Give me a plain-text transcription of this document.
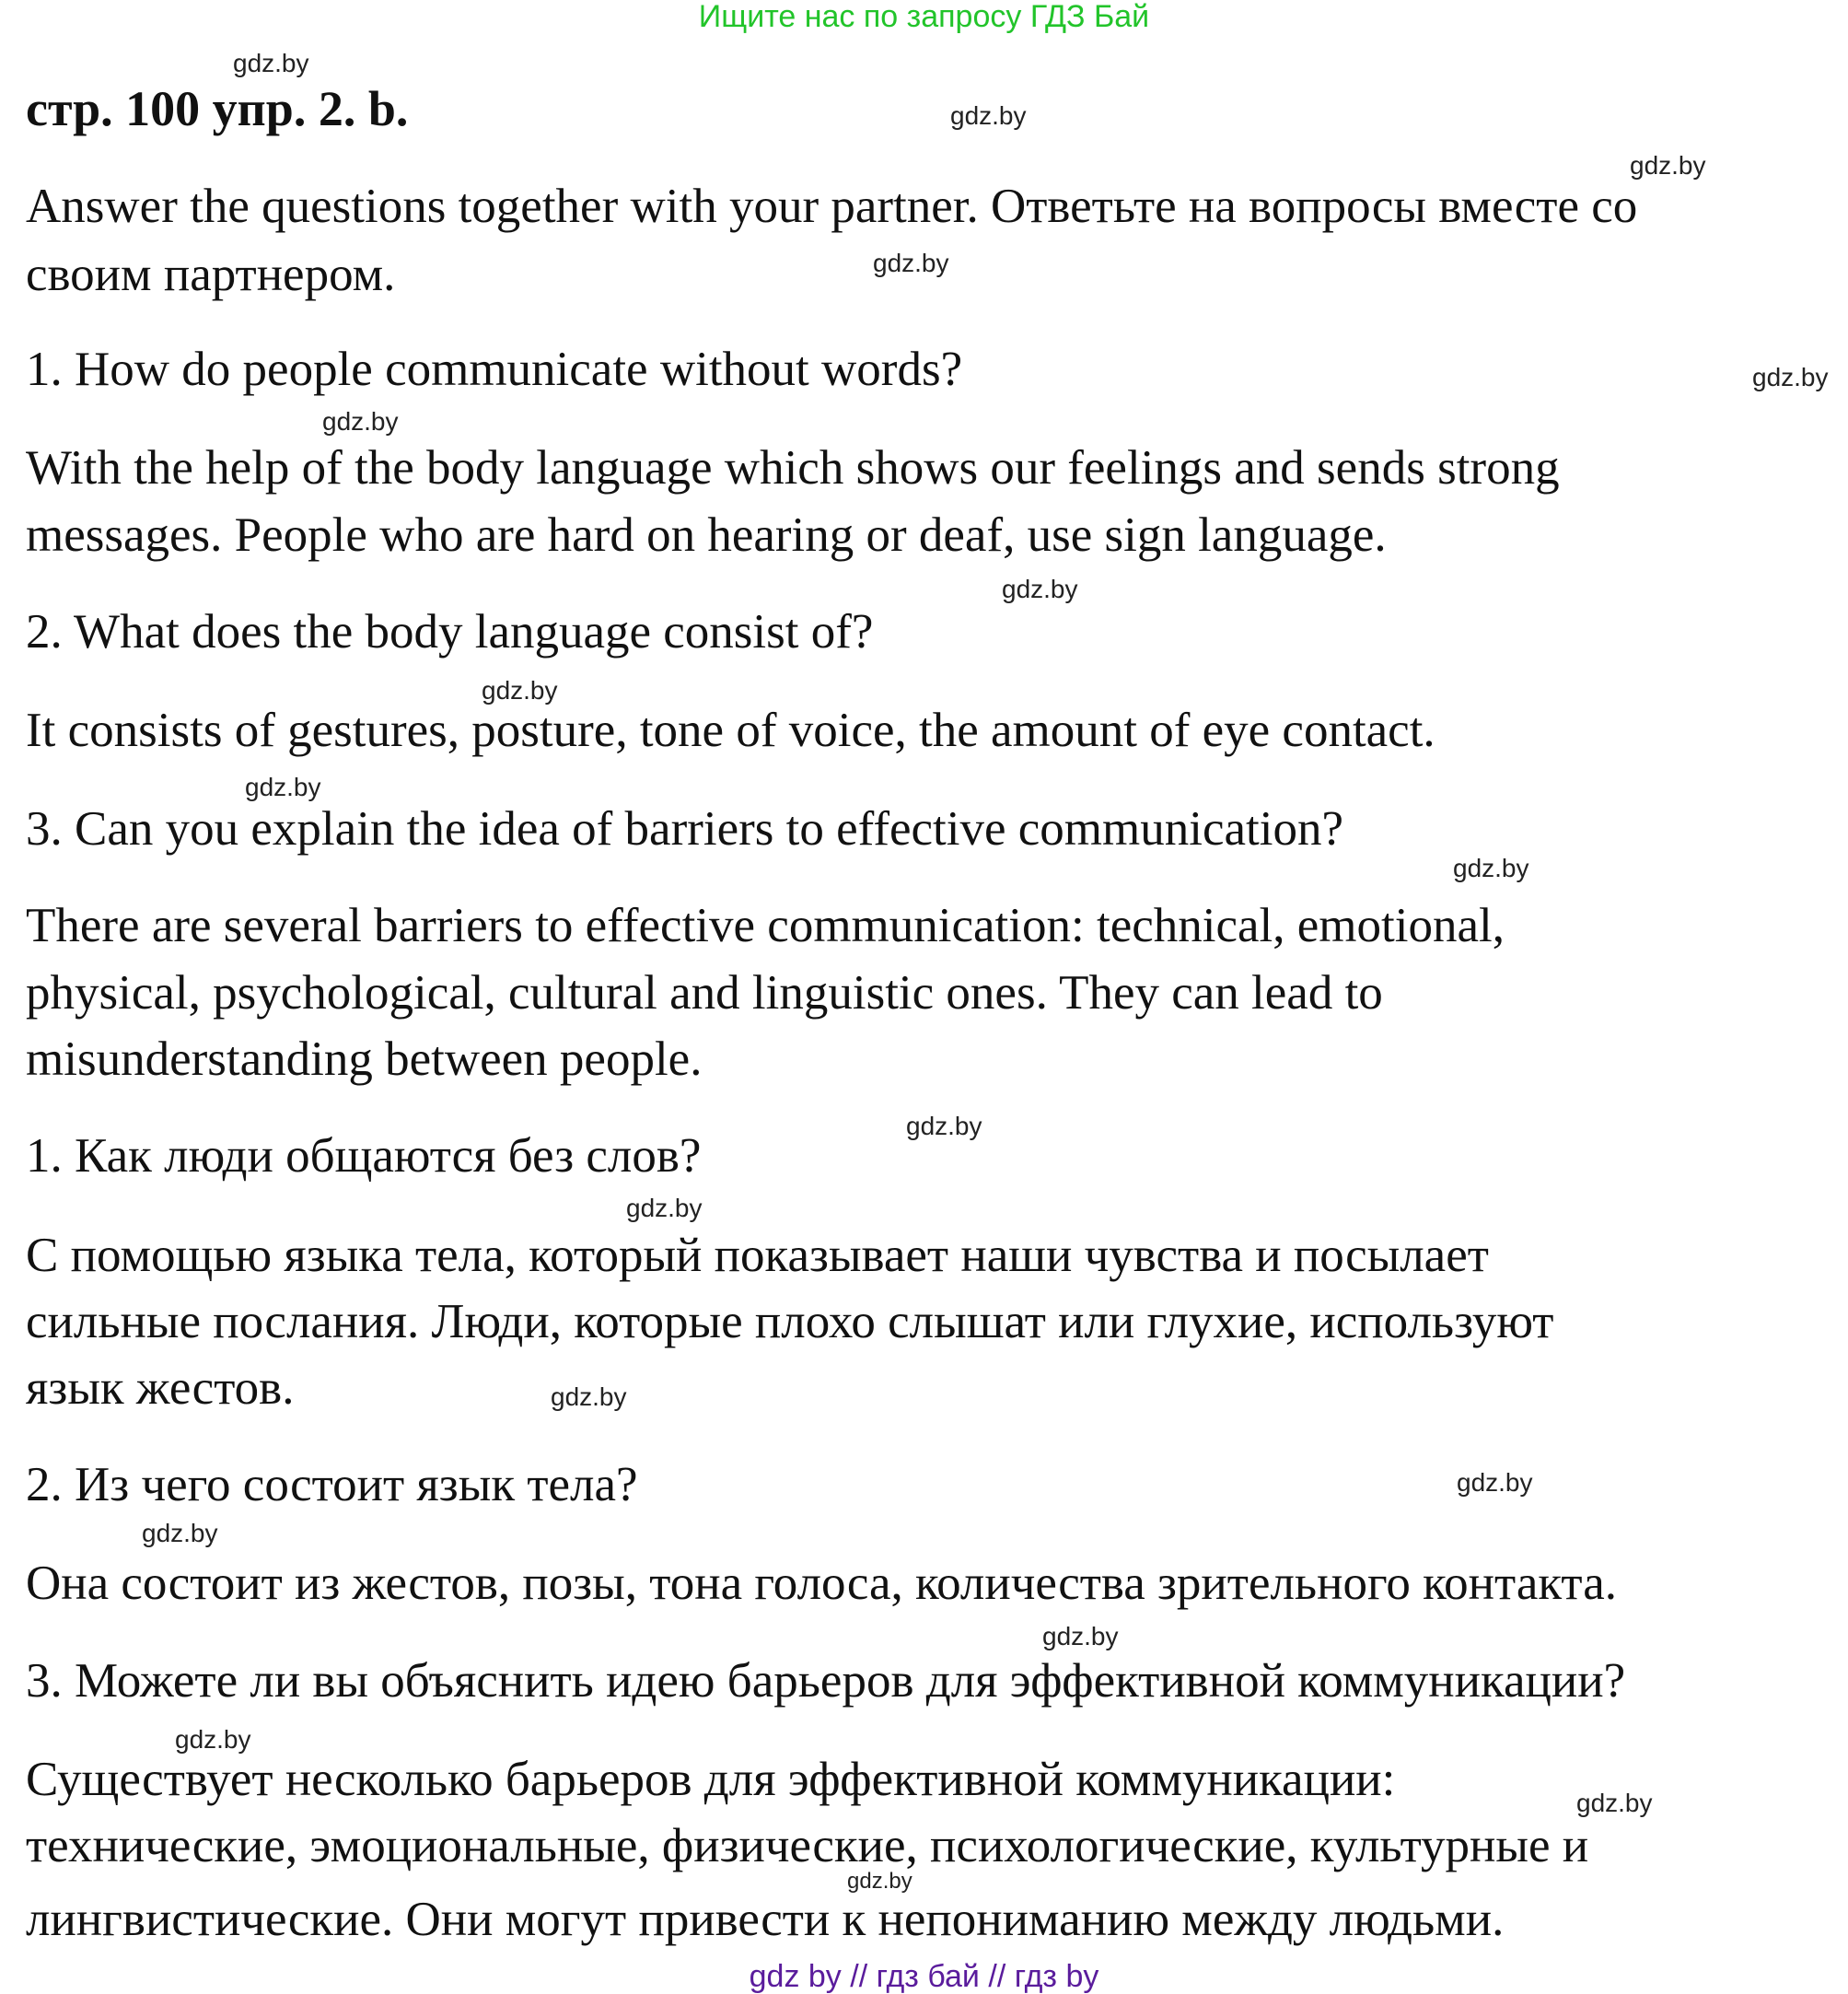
Ищите нас по запросу ГДЗ Бай
стр. 100 упр. 2. b.
Answer the questions together with your partner. Ответьте на вопросы вместе со
своим партнером.
1. How do people communicate without words?
With the help of the body language which shows our feelings and sends strong
messages. People who are hard on hearing or deaf, use sign language.
2. What does the body language consist of?
It consists of gestures, posture, tone of voice, the amount of eye contact.
3. Can you explain the idea of barriers to effective communication?
There are several barriers to effective communication: technical, emotional,
physical, psychological, cultural and linguistic ones. They can lead to
misunderstanding between people.
1. Как люди общаются без слов?
С помощью языка тела, который показывает наши чувства и посылает
сильные послания. Люди, которые плохо слышат или глухие, используют
язык жестов.
2. Из чего состоит язык тела?
Она состоит из жестов, позы, тона голоса, количества зрительного контакта.
3. Можете ли вы объяснить идею барьеров для эффективной коммуникации?
Существует несколько барьеров для эффективной коммуникации:
технические, эмоциональные, физические, психологические, культурные и
лингвистические. Они могут привести к непониманию между людьми.
gdz.by
gdz.by
gdz.by
gdz.by
gdz.by
gdz.by
gdz.by
gdz.by
gdz.by
gdz.by
gdz.by
gdz.by
gdz.by
gdz.by
gdz.by
gdz.by
gdz.by
gdz.by
gdz.by
gdz by // гдз бай // гдз by
